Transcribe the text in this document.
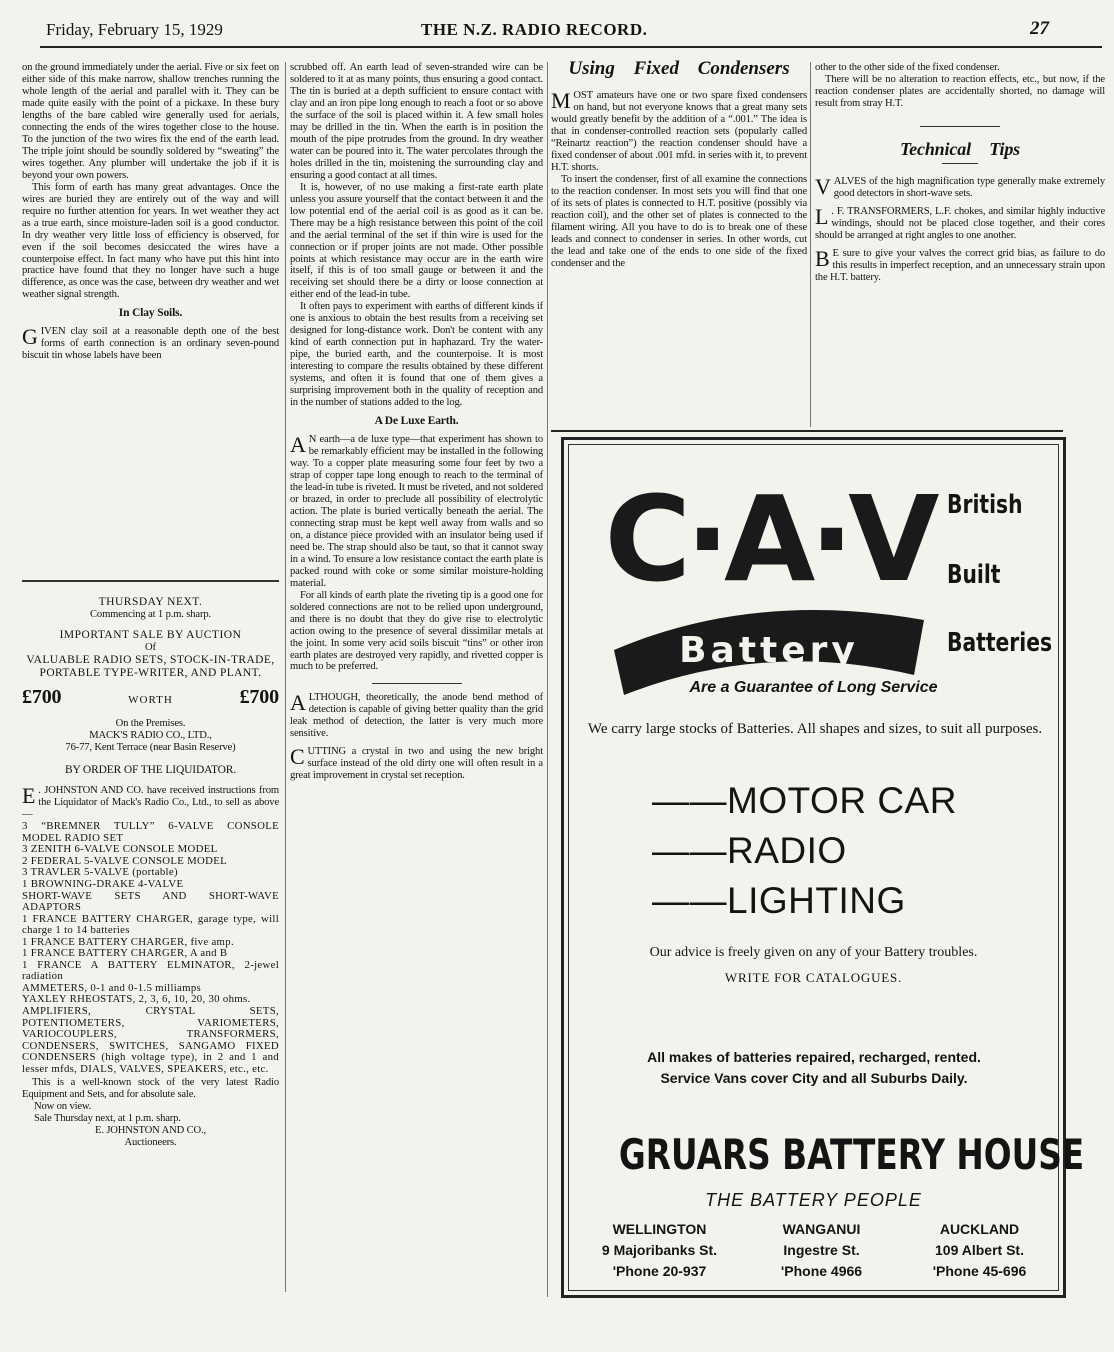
Friday, February 15, 1929	THE N.Z. RADIO RECORD.	27

on the ground immediately under the aerial. Five or six feet on either side of this make narrow, shallow trenches running the whole length of the aerial and parallel with it. They can be made quite easily with the point of a pickaxe. In these bury lengths of the bare cabled wire generally used for aerials, connecting the ends of the wires together close to the house. To the junction of the two wires fix the end of the earth lead. The triple joint should be soundly soldered by “sweating” the wires together. Any plumber will undertake the job if it is beyond your own powers.

This form of earth has many great advantages. Once the wires are buried they are entirely out of the way and will require no further attention for years. In wet weather they act as a true earth, since moisture-laden soil is a good conductor. In dry weather very little loss of efficiency is observed, for even if the soil becomes desiccated the wires have a counterpoise effect. In fact many who have put this hint into practice have found that they no longer have such a huge difference, as once was the case, between dry weather and wet weather signal strength.

In Clay Soils.

GIVEN clay soil at a reasonable depth one of the best forms of earth connection is an ordinary seven-pound biscuit tin whose labels have been

THURSDAY NEXT.
Commencing at 1 p.m. sharp.
IMPORTANT SALE BY AUCTION
Of
VALUABLE RADIO SETS, STOCK-IN-TRADE, PORTABLE TYPE-WRITER, AND PLANT.
£700	WORTH	£700
On the Premises.
MACK'S RADIO CO., LTD.,
76-77, Kent Terrace (near Basin Reserve)
BY ORDER OF THE LIQUIDATOR.

E . JOHNSTON AND CO. have received instructions from the Liquidator of Mack's Radio Co., Ltd., to sell as above—

3 “BREMNER TULLY” 6-VALVE CONSOLE MODEL RADIO SET
3 ZENITH 6-VALVE CONSOLE MODEL
2 FEDERAL 5-VALVE CONSOLE MODEL
3 TRAVLER 5-VALVE (portable)
1 BROWNING-DRAKE 4-VALVE
SHORT-WAVE SETS AND SHORT-WAVE ADAPTORS
1 FRANCE BATTERY CHARGER, garage type, will charge 1 to 14 batteries
1 FRANCE BATTERY CHARGER, five amp.
1 FRANCE BATTERY CHARGER, A and B
1 FRANCE A BATTERY ELMINATOR, 2-jewel radiation
AMMETERS, 0-1 and 0-1.5 milliamps
YAXLEY RHEOSTATS, 2, 3, 6, 10, 20, 30 ohms.
AMPLIFIERS, CRYSTAL SETS, POTENTIOMETERS, VARIOMETERS, VARIOCOUPLERS, TRANSFORMERS, CONDENSERS, SWITCHES, SANGAMO FIXED CONDENSERS (high voltage type), in 2 and 1 and lesser mfds, DIALS, VALVES, SPEAKERS, etc., etc.

This is a well-known stock of the very latest Radio Equipment and Sets, and for absolute sale.

Now on view.
Sale Thursday next, at 1 p.m. sharp.
E. JOHNSTON AND CO.,
Auctioneers.

scrubbed off. An earth lead of seven-stranded wire can be soldered to it at as many points, thus ensuring a good contact. The tin is buried at a depth sufficient to ensure contact with clay and an iron pipe long enough to reach a foot or so above the surface of the soil is placed within it. A few small holes may be drilled in the tin. When the earth is in position the mouth of the pipe protrudes from the ground. In dry weather water can be poured into it. The water percolates through the holes drilled in the tin, moistening the surrounding clay and ensuring a good contact at all times.

It is, however, of no use making a first-rate earth plate unless you assure yourself that the contact between it and the low potential end of the aerial coil is as good as it can be. There may be a high resistance between this point of the coil and the aerial terminal of the set if thin wire is used for the connection or if proper joints are not made. Other possible points at which resistance may occur are in the earth wire itself, if this is of too small gauge or between it and the receiving set should there be a dirty or loose connection at either end of the lead-in tube.

It often pays to experiment with earths of different kinds if one is anxious to obtain the best results from a receiving set designed for long-distance work. Don't be content with any kind of earth connection put in haphazard. Try the water-pipe, the buried earth, and the counterpoise. It is most interesting to compare the results obtained by these different systems, and often it is found that one of them gives a surprising improvement both in the quality of reception and in the number of stations added to the log.

A De Luxe Earth.

A N earth—a de luxe type—that experiment has shown to be remarkably efficient may be installed in the following way. To a copper plate measuring some four feet by two a strap of copper tape long enough to reach to the terminal of the lead-in tube is riveted. It must be riveted, and not soldered or brazed, in order to preclude all possibility of electrolytic action. The plate is buried vertically beneath the aerial. The connecting strap must be kept well away from walls and so on, a distance piece provided with an insulator being used if need be. The strap should also be taut, so that it cannot sway in a wind. To ensure a low resistance contact the earth plate is packed round with coke or some similar moisture-holding material.

For all kinds of earth plate the riveting tip is a good one for soldered connections are not to be relied upon underground, and there is no doubt that they do give rise to electrolytic action owing to the presence of several dissimilar metals at the joint. In some very acid soils biscuit “tins” or other iron earth plates are destroyed very rapidly, and rivetted copper is much to be preferred.

ALTHOUGH, theoretically, the anode bend method of detection is capable of giving better quality than the grid leak method of detection, the latter is very much more sensitive.

CUTTING a crystal in two and using the new bright surface instead of the old dirty one will often result in a great improvement in crystal set reception.

Using Fixed Condensers

MOST amateurs have one or two spare fixed condensers on hand, but not everyone knows that a great many sets would greatly benefit by the addition of a “.001.” The idea is that in condenser-controlled reaction sets (popularly called “Reinartz reaction”) the reaction condenser should have a fixed condenser of about .001 mfd. in series with it, to prevent H.T. shorts.

To insert the condenser, first of all examine the connections to the reaction condenser. In most sets you will find that one of its sets of plates is connected to H.T. positive (possibly via reaction coil), and the other set of plates is connected to the filament wiring. All you have to do is to break one of these leads and connect to condenser in series. In other words, cut the lead and take one of the ends to one side of the fixed condenser and the

other to the other side of the fixed condenser.

There will be no alteration to reaction effects, etc., but now, if the reaction condenser plates are accidentally shorted, no damage will result from stray H.T.

Technical Tips

VALVES of the high magnification type generally make extremely good detectors in short-wave sets.

L . F. TRANSFORMERS, L.F. chokes, and similar highly inductive windings, should not be placed close together, and their cores should be arranged at right angles to one another.

B E sure to give your valves the correct grid bias, as failure to do this results in imperfect reception, and an unnecessary strain upon the H.T. battery.

C·A·V
Battery
British
Built
Batteries
Are a Guarantee of Long Service
We carry large stocks of Batteries. All shapes and sizes, to suit all purposes.
——MOTOR CAR
——RADIO
——LIGHTING
Our advice is freely given on any of your Battery troubles.
WRITE FOR CATALOGUES.
All makes of batteries repaired, recharged, rented. Service Vans cover City and all Suburbs Daily.
GRUARS BATTERY HOUSE
THE BATTERY PEOPLE
WELLINGTON
9 Majoribanks St.
'Phone 20-937
WANGANUI
Ingestre St.
'Phone 4966
AUCKLAND
109 Albert St.
'Phone 45-696
